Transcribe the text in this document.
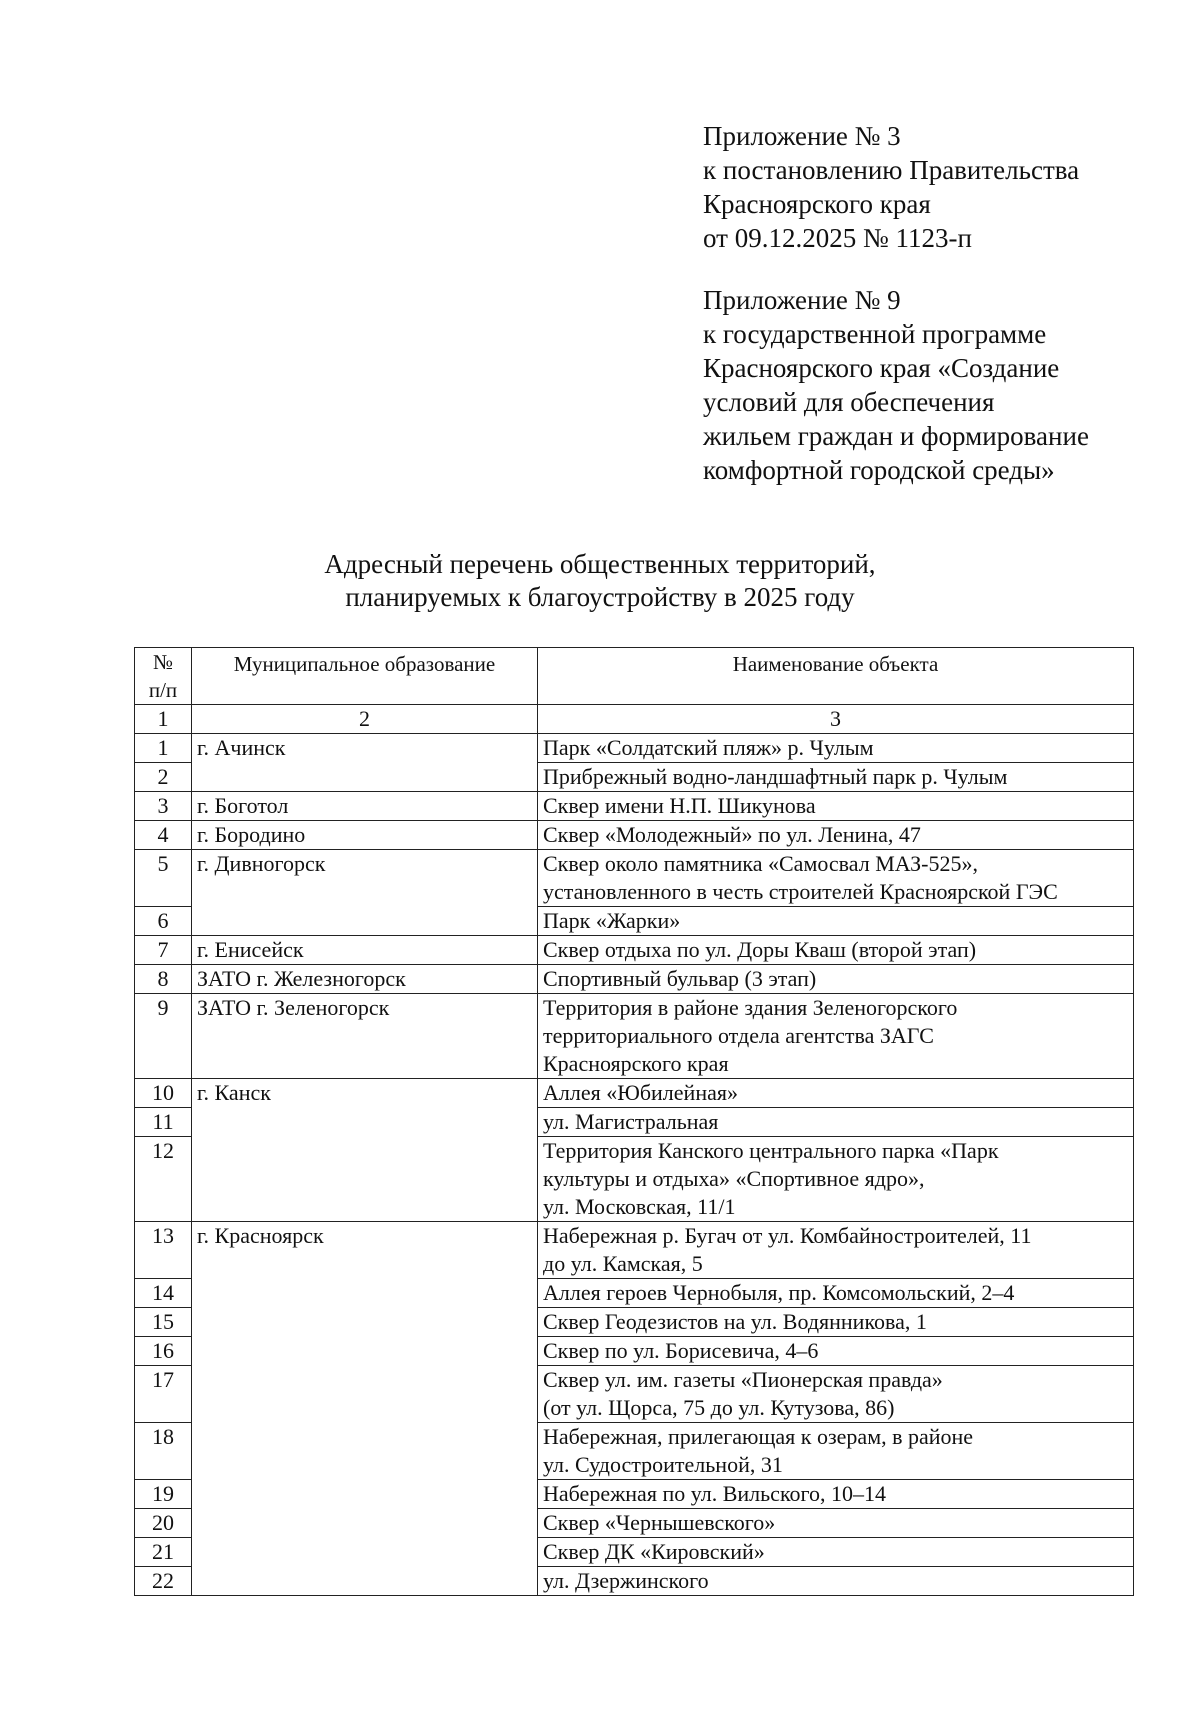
Приложение № 3
к постановлению Правительства
Красноярского края
от 09.12.2025 № 1123-п
Приложение № 9
к государственной программе
Красноярского края «Создание
условий для обеспечения
жильем граждан и формирование
комфортной городской среды»
Адресный перечень общественных территорий,
планируемых к благоустройству в 2025 году
№
п/п	Муниципальное образование	Наименование объекта
1	2	3
1	г. Ачинск	Парк «Солдатский пляж» р. Чулым
2		Прибрежный водно-ландшафтный парк р. Чулым
3	г. Боготол	Сквер имени Н.П. Шикунова
4	г. Бородино	Сквер «Молодежный» по ул. Ленина, 47
5	г. Дивногорск	Сквер около памятника «Самосвал МАЗ-525»,
установленного в честь строителей Красноярской ГЭС
6		Парк «Жарки»
7	г. Енисейск	Сквер отдыха по ул. Доры Кваш (второй этап)
8	ЗАТО г. Железногорск	Спортивный бульвар (3 этап)
9	ЗАТО г. Зеленогорск	Территория в районе здания Зеленогорского
территориального отдела агентства ЗАГС
Красноярского края
10	г. Канск	Аллея «Юбилейная»
11		ул. Магистральная
12		Территория Канского центрального парка «Парк
культуры и отдыха» «Спортивное ядро»,
ул. Московская, 11/1
13	г. Красноярск	Набережная р. Бугач от ул. Комбайностроителей, 11
до ул. Камская, 5
14		Аллея героев Чернобыля, пр. Комсомольский, 2–4
15		Сквер Геодезистов на ул. Водянникова, 1
16		Сквер по ул. Борисевича, 4–6
17		Сквер ул. им. газеты «Пионерская правда»
(от ул. Щорса, 75 до ул. Кутузова, 86)
18		Набережная, прилегающая к озерам, в районе
ул. Судостроительной, 31
19		Набережная по ул. Вильского, 10–14
20		Сквер «Чернышевского»
21		Сквер ДК «Кировский»
22		ул. Дзержинского
